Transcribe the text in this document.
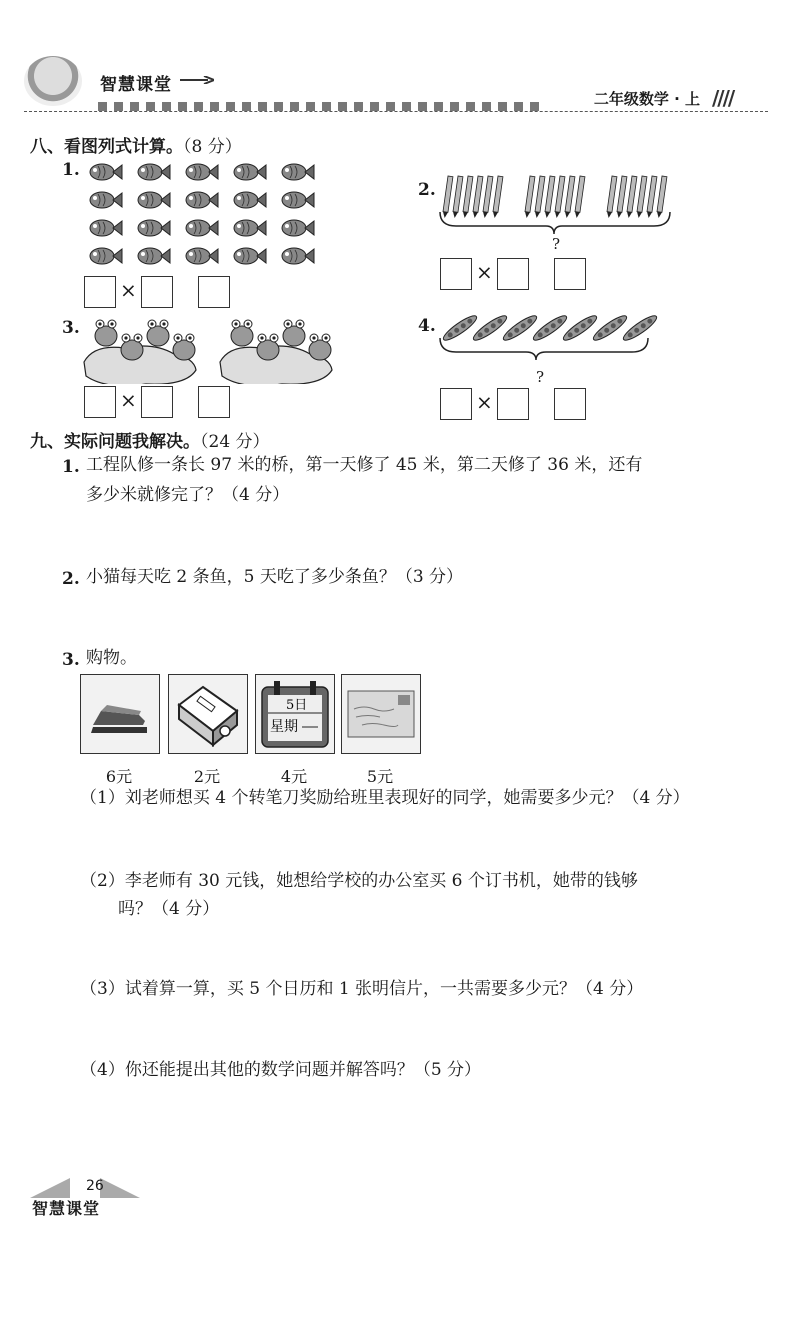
智慧课堂
二年级数学 · 上 ////
八、看图列式计算。（8 分）
1.
×
2.
?
×
3.
×
4.
?
×
九、实际问题我解决。（24 分）
1. 工程队修一条长 97 米的桥，第一天修了 45 米，第二天修了 36 米，还有
多少米就修完了？（4 分）
2. 小猫每天吃 2 条鱼，5 天吃了多少条鱼？（3 分）
3. 购物。
5日
星期
6元	2元	4元	5元
（1）刘老师想买 4 个转笔刀奖励给班里表现好的同学，她需要多少元？（4 分）
（2）李老师有 30 元钱，她想给学校的办公室买 6 个订书机，她带的钱够
吗？（4 分）
（3）试着算一算，买 5 个日历和 1 张明信片，一共需要多少元？（4 分）
（4）你还能提出其他的数学问题并解答吗？（5 分）
26
智慧课堂
